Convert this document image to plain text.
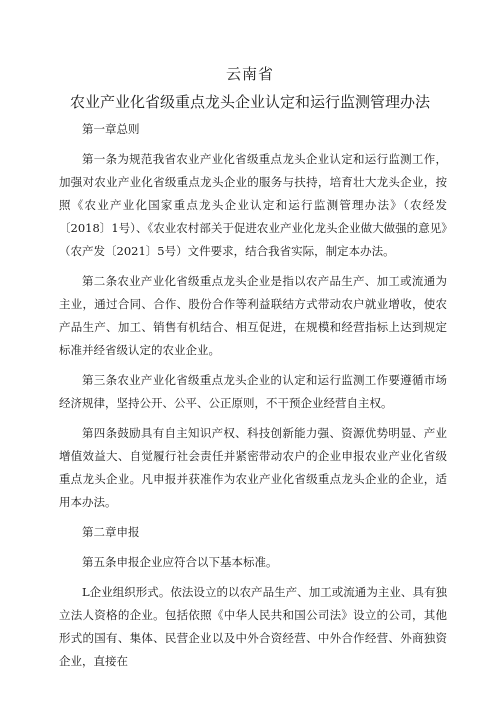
云南省
农业产业化省级重点龙头企业认定和运行监测管理办法

第一章总则

第一条为规范我省农业产业化省级重点龙头企业认定和运行监测工作，加强对农业产业化省级重点龙头企业的服务与扶持，培育壮大龙头企业，按照《农业产业化国家重点龙头企业认定和运行监测管理办法》（农经发〔2018〕1号）、《农业农村部关于促进农业产业化龙头企业做大做强的意见》（农产发〔2021〕5号）文件要求，结合我省实际，制定本办法。

第二条农业产业化省级重点龙头企业是指以农产品生产、加工或流通为主业，通过合同、合作、股份合作等利益联结方式带动农户就业增收，使农产品生产、加工、销售有机结合、相互促进，在规模和经营指标上达到规定标准并经省级认定的农业企业。

第三条农业产业化省级重点龙头企业的认定和运行监测工作要遵循市场经济规律，坚持公开、公平、公正原则，不干预企业经营自主权。

第四条鼓励具有自主知识产权、科技创新能力强、资源优势明显、产业增值效益大、自觉履行社会责任并紧密带动农户的企业申报农业产业化省级重点龙头企业。凡申报并获准作为农业产业化省级重点龙头企业的企业，适用本办法。

第二章申报

第五条申报企业应符合以下基本标准。

L企业组织形式。依法设立的以农产品生产、加工或流通为主业、具有独立法人资格的企业。包括依照《中华人民共和国公司法》设立的公司，其他形式的国有、集体、民营企业以及中外合资经营、中外合作经营、外商独资企业，直接在
